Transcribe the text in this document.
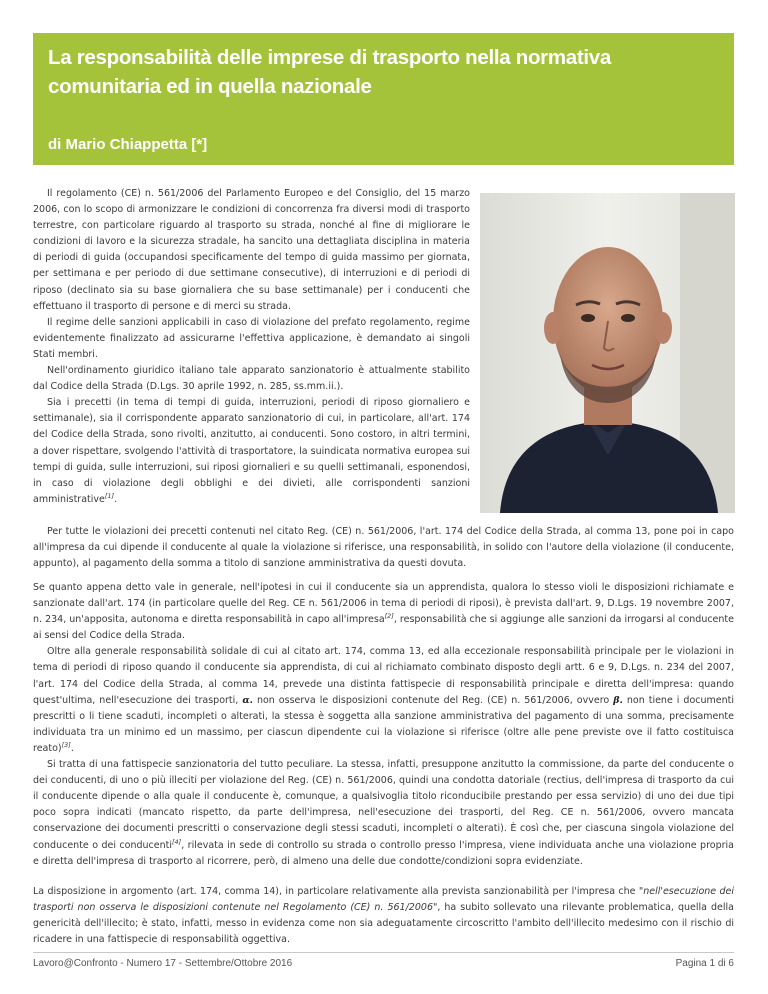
La responsabilità delle imprese di trasporto nella normativa comunitaria ed in quella nazionale
di Mario Chiappetta [*]

Il regolamento (CE) n. 561/2006 del Parlamento Europeo e del Consiglio, del 15 marzo 2006, con lo scopo di armonizzare le condizioni di concorrenza fra diversi modi di trasporto terrestre, con particolare riguardo al trasporto su strada, nonché al fine di migliorare le condizioni di lavoro e la sicurezza stradale, ha sancito una dettagliata disciplina in materia di periodi di guida (occupandosi specificamente del tempo di guida massimo per giornata, per settimana e per periodo di due settimane consecutive), di interruzioni e di periodi di riposo (declinato sia su base giornaliera che su base settimanale) per i conducenti che effettuano il trasporto di persone e di merci su strada.

Il regime delle sanzioni applicabili in caso di violazione del prefato regolamento, regime evidentemente finalizzato ad assicurarne l'effettiva applicazione, è demandato ai singoli Stati membri.

Nell'ordinamento giuridico italiano tale apparato sanzionatorio è attualmente stabilito dal Codice della Strada (D.Lgs. 30 aprile 1992, n. 285, ss.mm.ii.).

Sia i precetti (in tema di tempi di guida, interruzioni, periodi di riposo giornaliero e settimanale), sia il corrispondente apparato sanzionatorio di cui, in particolare, all'art. 174 del Codice della Strada, sono rivolti, anzitutto, ai conducenti. Sono costoro, in altri termini, a dover rispettare, svolgendo l'attività di trasportatore, la suindicata normativa europea sui tempi di guida, sulle interruzioni, sui riposi giornalieri e su quelli settimanali, esponendosi, in caso di violazione degli obblighi e dei divieti, alle corrispondenti sanzioni amministrative[1].

Per tutte le violazioni dei precetti contenuti nel citato Reg. (CE) n. 561/2006, l'art. 174 del Codice della Strada, al comma 13, pone poi in capo all'impresa da cui dipende il conducente al quale la violazione si riferisce, una responsabilità, in solido con l'autore della violazione (il conducente, appunto), al pagamento della somma a titolo di sanzione amministrativa da questi dovuta.

Se quanto appena detto vale in generale, nell'ipotesi in cui il conducente sia un apprendista, qualora lo stesso violi le disposizioni richiamate e sanzionate dall'art. 174 (in particolare quelle del Reg. CE n. 561/2006 in tema di periodi di riposi), è prevista dall'art. 9, D.Lgs. 19 novembre 2007, n. 234, un'apposita, autonoma e diretta responsabilità in capo all'impresa[2], responsabilità che si aggiunge alle sanzioni da irrogarsi al conducente ai sensi del Codice della Strada.

Oltre alla generale responsabilità solidale di cui al citato art. 174, comma 13, ed alla eccezionale responsabilità principale per le violazioni in tema di periodi di riposo quando il conducente sia apprendista, di cui al richiamato combinato disposto degli artt. 6 e 9, D.Lgs. n. 234 del 2007, l'art. 174 del Codice della Strada, al comma 14, prevede una distinta fattispecie di responsabilità principale e diretta dell'impresa: quando quest'ultima, nell'esecuzione dei trasporti, α. non osserva le disposizioni contenute del Reg. (CE) n. 561/2006, ovvero β. non tiene i documenti prescritti o li tiene scaduti, incompleti o alterati, la stessa è soggetta alla sanzione amministrativa del pagamento di una somma, precisamente individuata tra un minimo ed un massimo, per ciascun dipendente cui la violazione si riferisce (oltre alle pene previste ove il fatto costituisca reato)[3].

Si tratta di una fattispecie sanzionatoria del tutto peculiare. La stessa, infatti, presuppone anzitutto la commissione, da parte del conducente o dei conducenti, di uno o più illeciti per violazione del Reg. (CE) n. 561/2006, quindi una condotta datoriale (rectius, dell'impresa di trasporto da cui il conducente dipende o alla quale il conducente è, comunque, a qualsivoglia titolo riconducibile prestando per essa servizio) di uno dei due tipi poco sopra indicati (mancato rispetto, da parte dell'impresa, nell'esecuzione dei trasporti, del Reg. CE n. 561/2006, ovvero mancata conservazione dei documenti prescritti o conservazione degli stessi scaduti, incompleti o alterati). È così che, per ciascuna singola violazione del conducente o dei conducenti[4], rilevata in sede di controllo su strada o controllo presso l'impresa, viene individuata anche una violazione propria e diretta dell'impresa di trasporto al ricorrere, però, di almeno una delle due condotte/condizioni sopra evidenziate.

La disposizione in argomento (art. 174, comma 14), in particolare relativamente alla prevista sanzionabilità per l'impresa che "nell'esecuzione dei trasporti non osserva le disposizioni contenute nel Regolamento (CE) n. 561/2006", ha subito sollevato una rilevante problematica, quella della genericità dell'illecito; è stato, infatti, messo in evidenza come non sia adeguatamente circoscritto l'ambito dell'illecito medesimo con il rischio di ricadere in una fattispecie di responsabilità oggettiva.

Lavoro@Confronto - Numero 17 - Settembre/Ottobre 2016	Pagina 1 di 6
